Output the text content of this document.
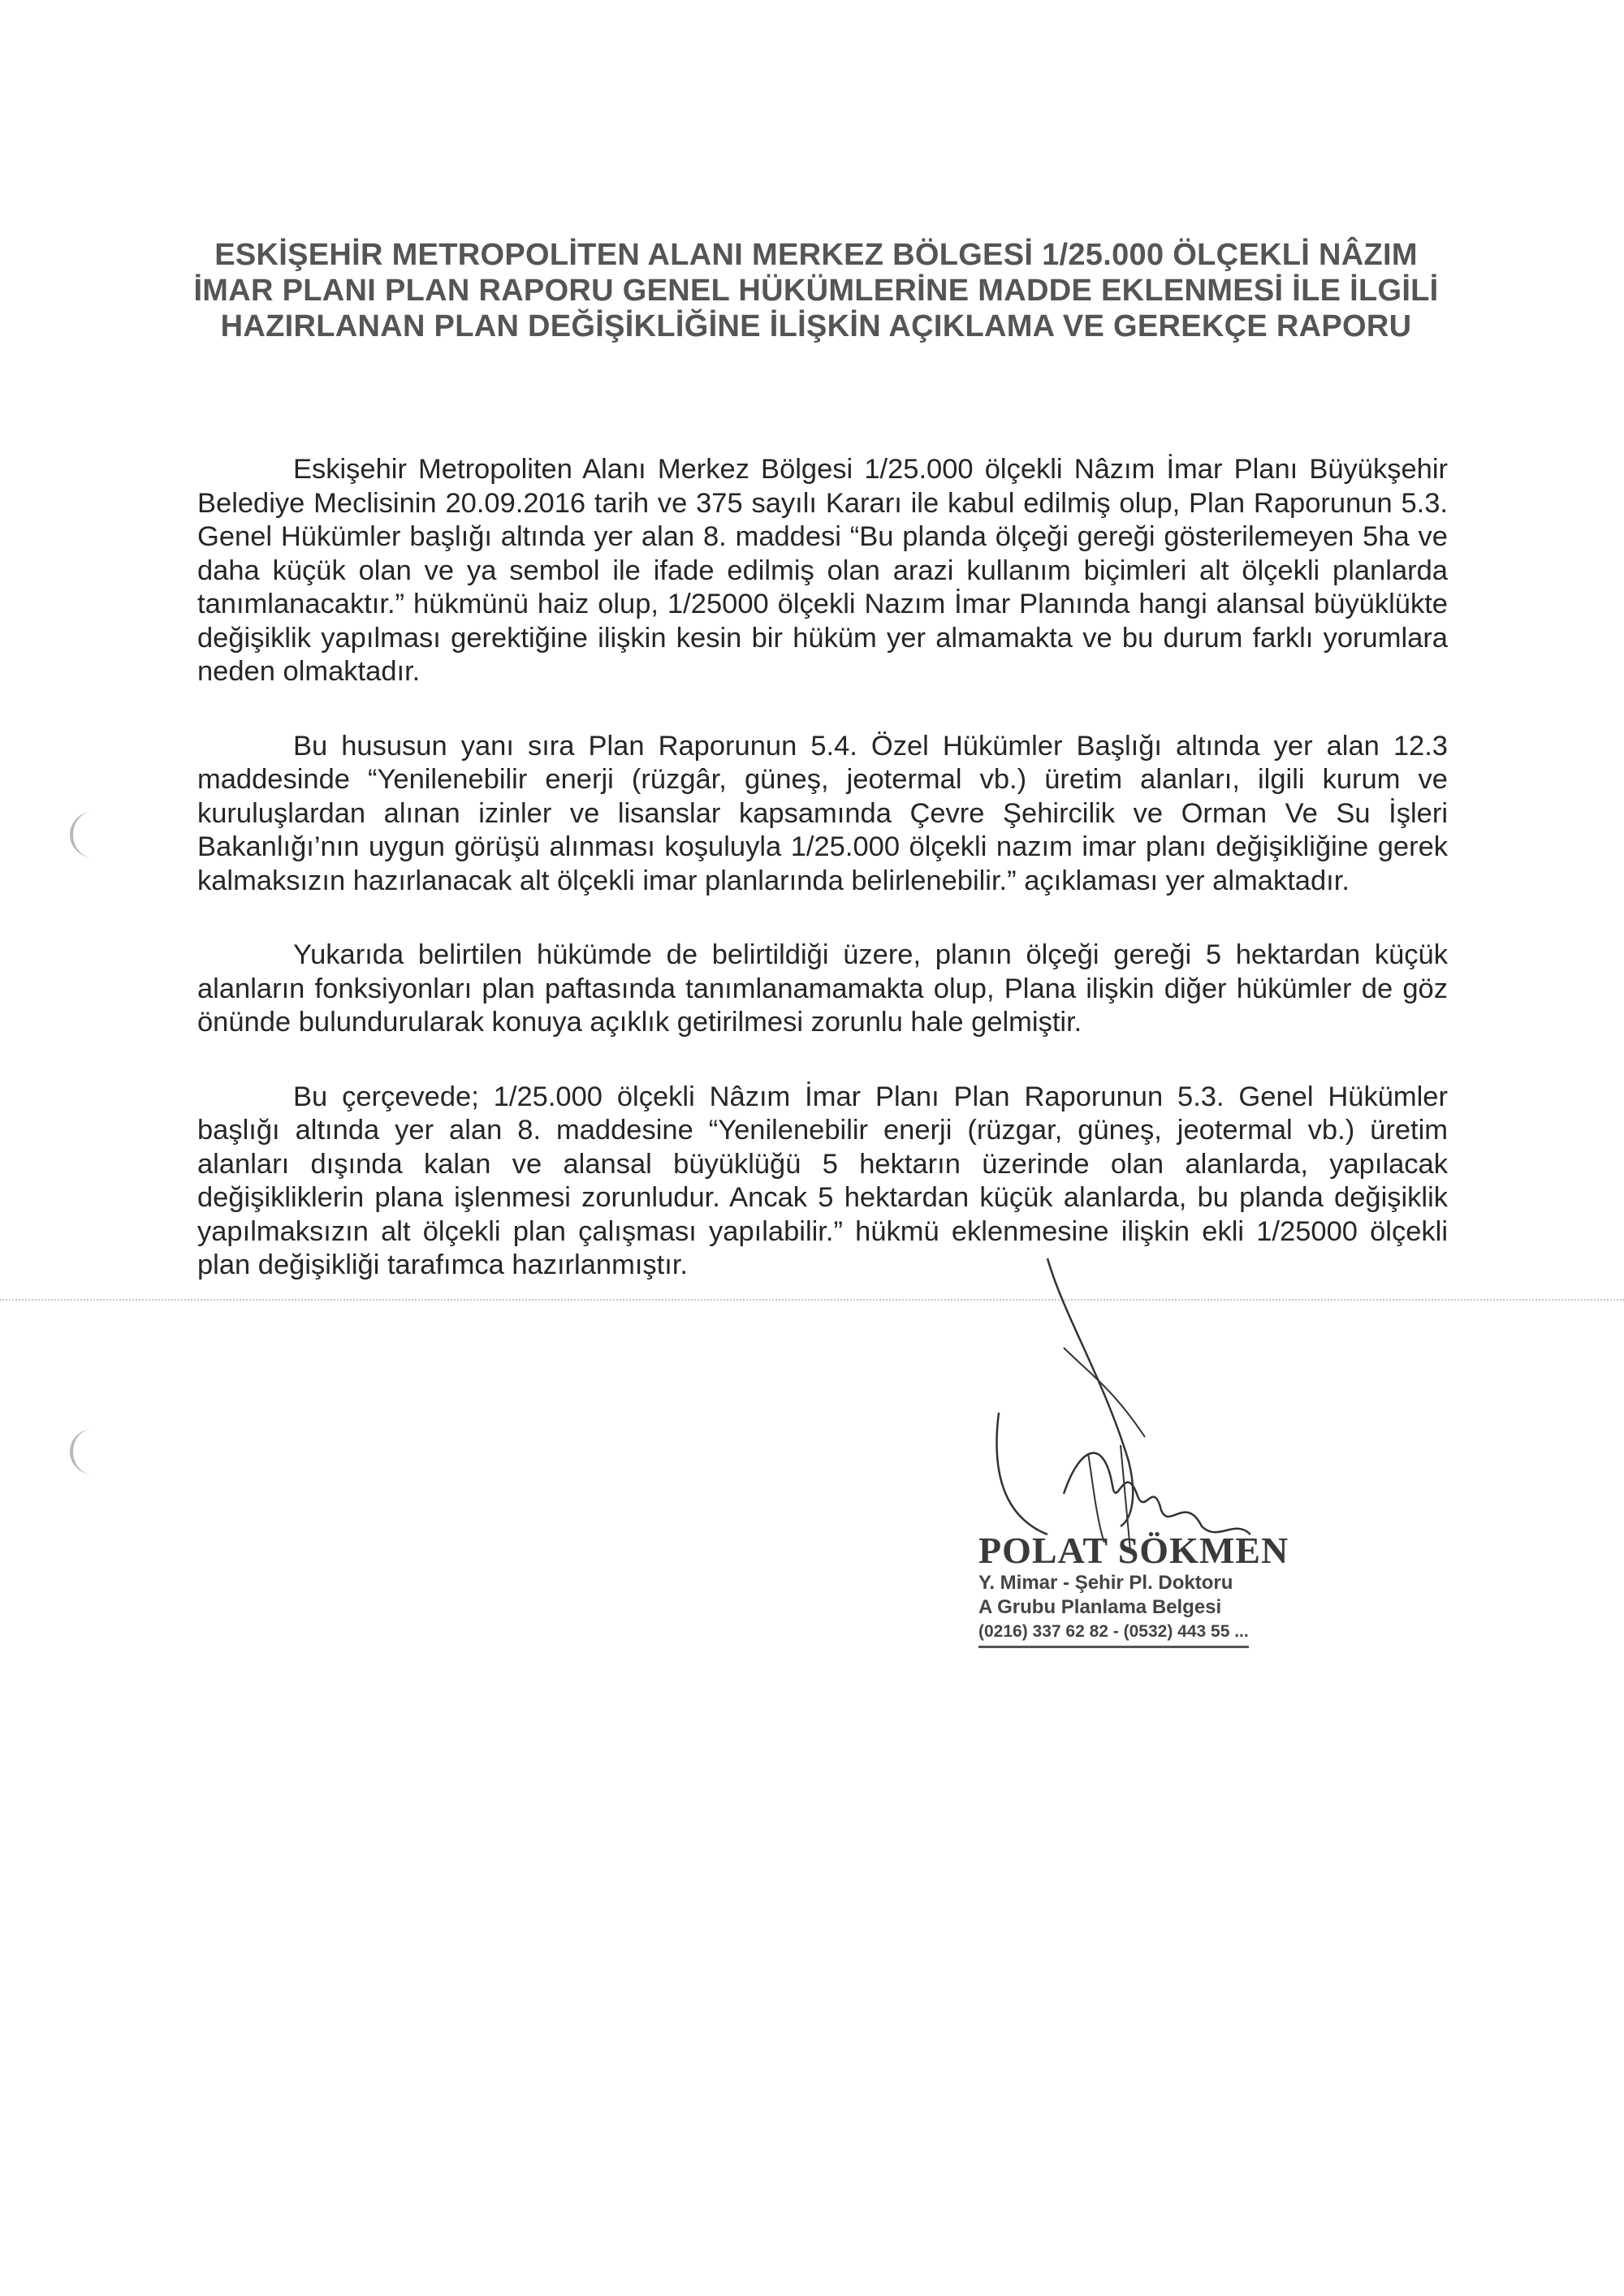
ESKİŞEHİR METROPOLİTEN ALANI MERKEZ BÖLGESİ 1/25.000 ÖLÇEKLİ NÂZIM
İMAR PLANI PLAN RAPORU GENEL HÜKÜMLERİNE MADDE EKLENMESİ İLE İLGİLİ
HAZIRLANAN PLAN DEĞİŞİKLİĞİNE İLİŞKİN AÇIKLAMA VE GEREKÇE RAPORU

Eskişehir Metropoliten Alanı Merkez Bölgesi 1/25.000 ölçekli Nâzım İmar Planı Büyükşehir Belediye Meclisinin 20.09.2016 tarih ve 375 sayılı Kararı ile kabul edilmiş olup, Plan Raporunun 5.3. Genel Hükümler başlığı altında yer alan 8. maddesi “Bu planda ölçeği gereği gösterilemeyen 5ha ve daha küçük olan ve ya sembol ile ifade edilmiş olan arazi kullanım biçimleri alt ölçekli planlarda tanımlanacaktır.” hükmünü haiz olup, 1/25000 ölçekli Nazım İmar Planında hangi alansal büyüklükte değişiklik yapılması gerektiğine ilişkin kesin bir hüküm yer almamakta ve bu durum farklı yorumlara neden olmaktadır.

Bu hususun yanı sıra Plan Raporunun 5.4. Özel Hükümler Başlığı altında yer alan 12.3 maddesinde “Yenilenebilir enerji (rüzgâr, güneş, jeotermal vb.) üretim alanları, ilgili kurum ve kuruluşlardan alınan izinler ve lisanslar kapsamında Çevre Şehircilik ve Orman Ve Su İşleri Bakanlığı’nın uygun görüşü alınması koşuluyla 1/25.000 ölçekli nazım imar planı değişikliğine gerek kalmaksızın hazırlanacak alt ölçekli imar planlarında belirlenebilir.” açıklaması yer almaktadır.

Yukarıda belirtilen hükümde de belirtildiği üzere, planın ölçeği gereği 5 hektardan küçük alanların fonksiyonları plan paftasında tanımlanamamakta olup, Plana ilişkin diğer hükümler de göz önünde bulundurularak konuya açıklık getirilmesi zorunlu hale gelmiştir.

Bu çerçevede; 1/25.000 ölçekli Nâzım İmar Planı Plan Raporunun 5.3. Genel Hükümler başlığı altında yer alan 8. maddesine “Yenilenebilir enerji (rüzgar, güneş, jeotermal vb.) üretim alanları dışında kalan ve alansal büyüklüğü 5 hektarın üzerinde olan alanlarda, yapılacak değişikliklerin plana işlenmesi zorunludur. Ancak 5 hektardan küçük alanlarda, bu planda değişiklik yapılmaksızın alt ölçekli plan çalışması yapılabilir.” hükmü eklenmesine ilişkin ekli 1/25000 ölçekli plan değişikliği tarafımca hazırlanmıştır.

POLAT SÖKMEN
Y. Mimar - Şehir Pl. Doktoru
A Grubu Planlama Belgesi
(0216) 337 62 82 - (0532) 443 55 ...
